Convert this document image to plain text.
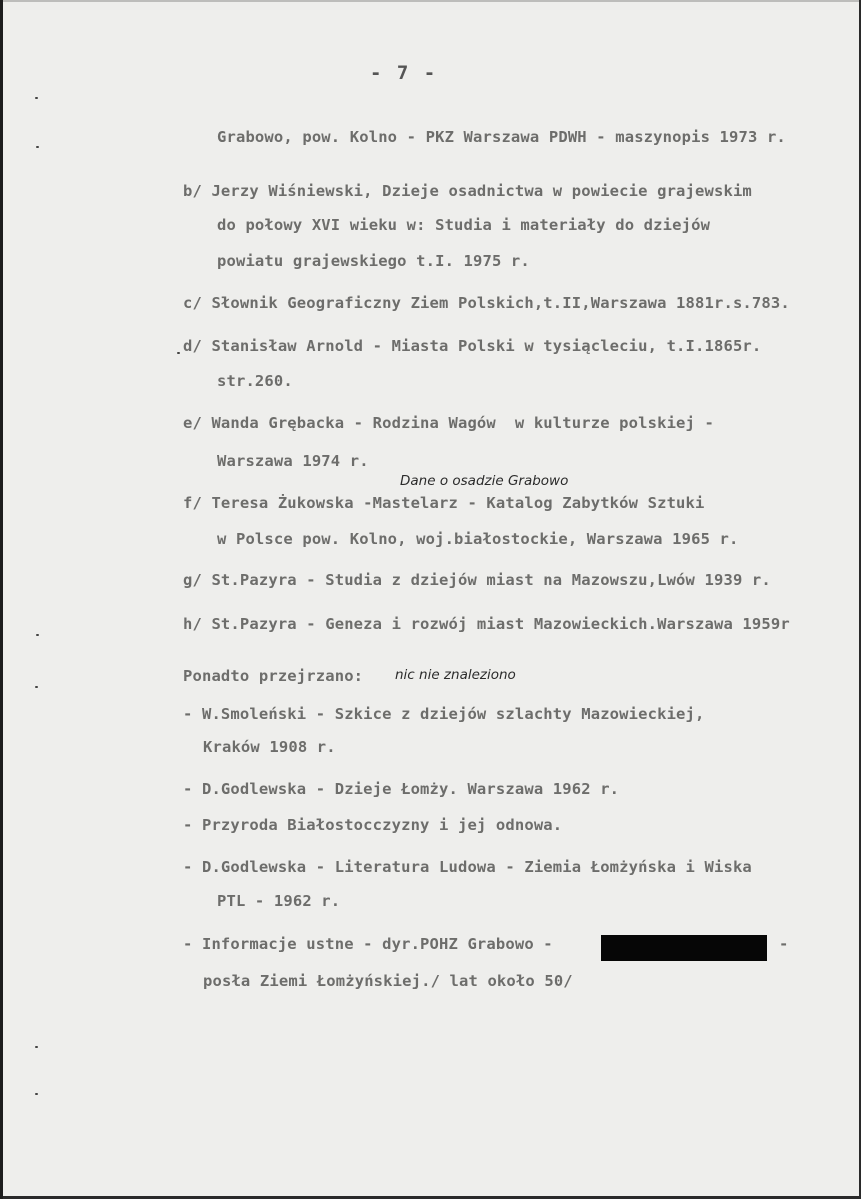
- 7 -
Grabowo, pow. Kolno - PKZ Warszawa PDWH - maszynopis 1973 r.
b/ Jerzy Wiśniewski, Dzieje osadnictwa w powiecie grajewskim
do połowy XVI wieku w: Studia i materiały do dziejów
powiatu grajewskiego t.I. 1975 r.
c/ Słownik Geograficzny Ziem Polskich,t.II,Warszawa 1881r.s.783.
d/ Stanisław Arnold - Miasta Polski w tysiącleciu, t.I.1865r.
str.260.
e/ Wanda Grębacka - Rodzina Wagów  w kulturze polskiej -
Warszawa 1974 r.
Dane o osadzie Grabowo
f/ Teresa Żukowska -Mastelarz - Katalog Zabytków Sztuki
w Polsce pow. Kolno, woj.białostockie, Warszawa 1965 r.
g/ St.Pazyra - Studia z dziejów miast na Mazowszu,Lwów 1939 r.
h/ St.Pazyra - Geneza i rozwój miast Mazowieckich.Warszawa 1959r
Ponadto przejrzano: nic nie znaleziono
- W.Smoleński - Szkice z dziejów szlachty Mazowieckiej,
Kraków 1908 r.
- D.Godlewska - Dzieje Łomży. Warszawa 1962 r.
- Przyroda Białostocczyzny i jej odnowa.
- D.Godlewska - Literatura Ludowa - Ziemia Łomżyńska i Wiska
PTL - 1962 r.
- Informacje ustne - dyr.POHZ Grabowo -	-
posła Ziemi Łomżyńskiej./ lat około 50/
